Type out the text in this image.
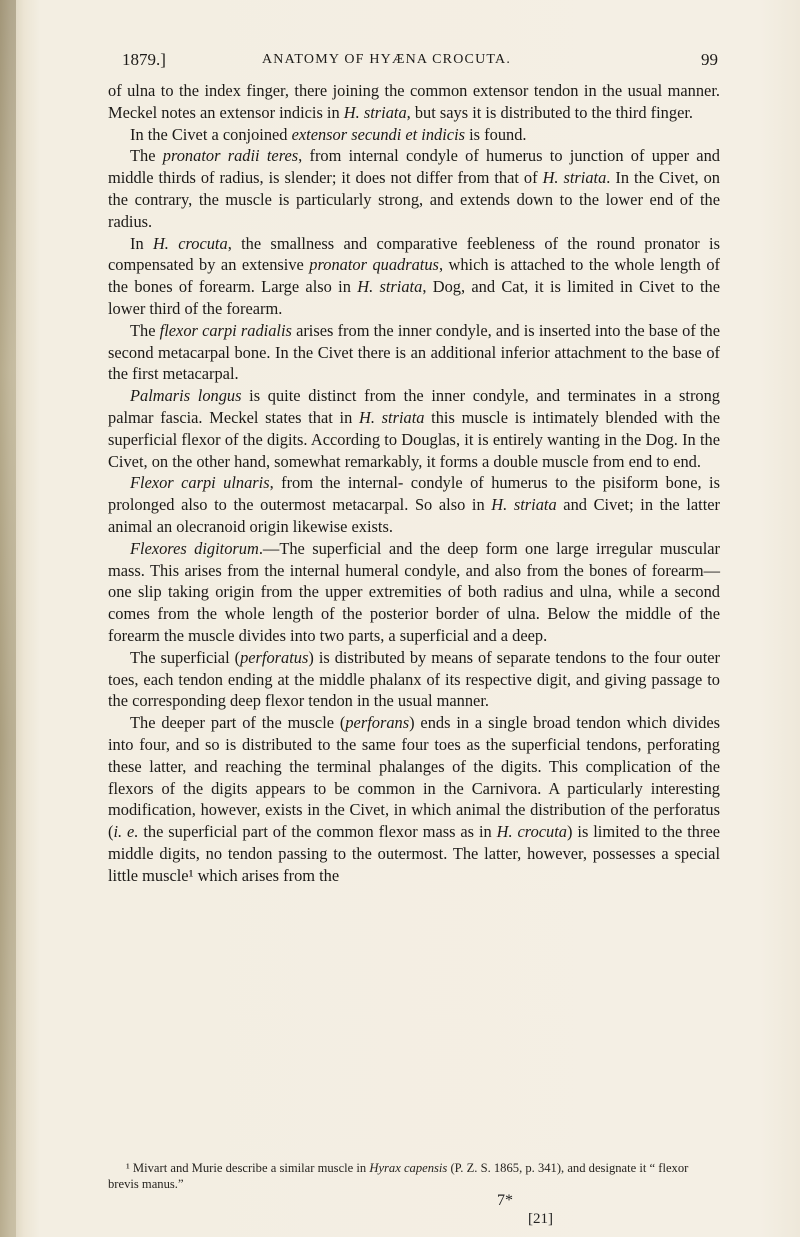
1879.]	ANATOMY OF HYÆNA CROCUTA.	99

of ulna to the index finger, there joining the common extensor tendon in the usual manner. Meckel notes an extensor indicis in H. striata, but says it is distributed to the third finger.

In the Civet a conjoined extensor secundi et indicis is found.

The pronator radii teres, from internal condyle of humerus to junction of upper and middle thirds of radius, is slender; it does not differ from that of H. striata. In the Civet, on the contrary, the muscle is particularly strong, and extends down to the lower end of the radius.

In H. crocuta, the smallness and comparative feebleness of the round pronator is compensated by an extensive pronator quadratus, which is attached to the whole length of the bones of forearm. Large also in H. striata, Dog, and Cat, it is limited in Civet to the lower third of the forearm.

The flexor carpi radialis arises from the inner condyle, and is inserted into the base of the second metacarpal bone. In the Civet there is an additional inferior attachment to the base of the first metacarpal.

Palmaris longus is quite distinct from the inner condyle, and terminates in a strong palmar fascia. Meckel states that in H. striata this muscle is intimately blended with the superficial flexor of the digits. According to Douglas, it is entirely wanting in the Dog. In the Civet, on the other hand, somewhat remarkably, it forms a double muscle from end to end.

Flexor carpi ulnaris, from the internal- condyle of humerus to the pisiform bone, is prolonged also to the outermost metacarpal. So also in H. striata and Civet; in the latter animal an olecranoid origin likewise exists.

Flexores digitorum.—The superficial and the deep form one large irregular muscular mass. This arises from the internal humeral condyle, and also from the bones of forearm—one slip taking origin from the upper extremities of both radius and ulna, while a second comes from the whole length of the posterior border of ulna. Below the middle of the forearm the muscle divides into two parts, a superficial and a deep.

The superficial (perforatus) is distributed by means of separate tendons to the four outer toes, each tendon ending at the middle phalanx of its respective digit, and giving passage to the corresponding deep flexor tendon in the usual manner.

The deeper part of the muscle (perforans) ends in a single broad tendon which divides into four, and so is distributed to the same four toes as the superficial tendons, perforating these latter, and reaching the terminal phalanges of the digits. This complication of the flexors of the digits appears to be common in the Carnivora. A particularly interesting modification, however, exists in the Civet, in which animal the distribution of the perforatus (i. e. the superficial part of the common flexor mass as in H. crocuta) is limited to the three middle digits, no tendon passing to the outermost. The latter, however, possesses a special little muscle¹ which arises from the

¹ Mivart and Murie describe a similar muscle in Hyrax capensis (P. Z. S. 1865, p. 341), and designate it “ flexor brevis manus.”
7*
[21]
